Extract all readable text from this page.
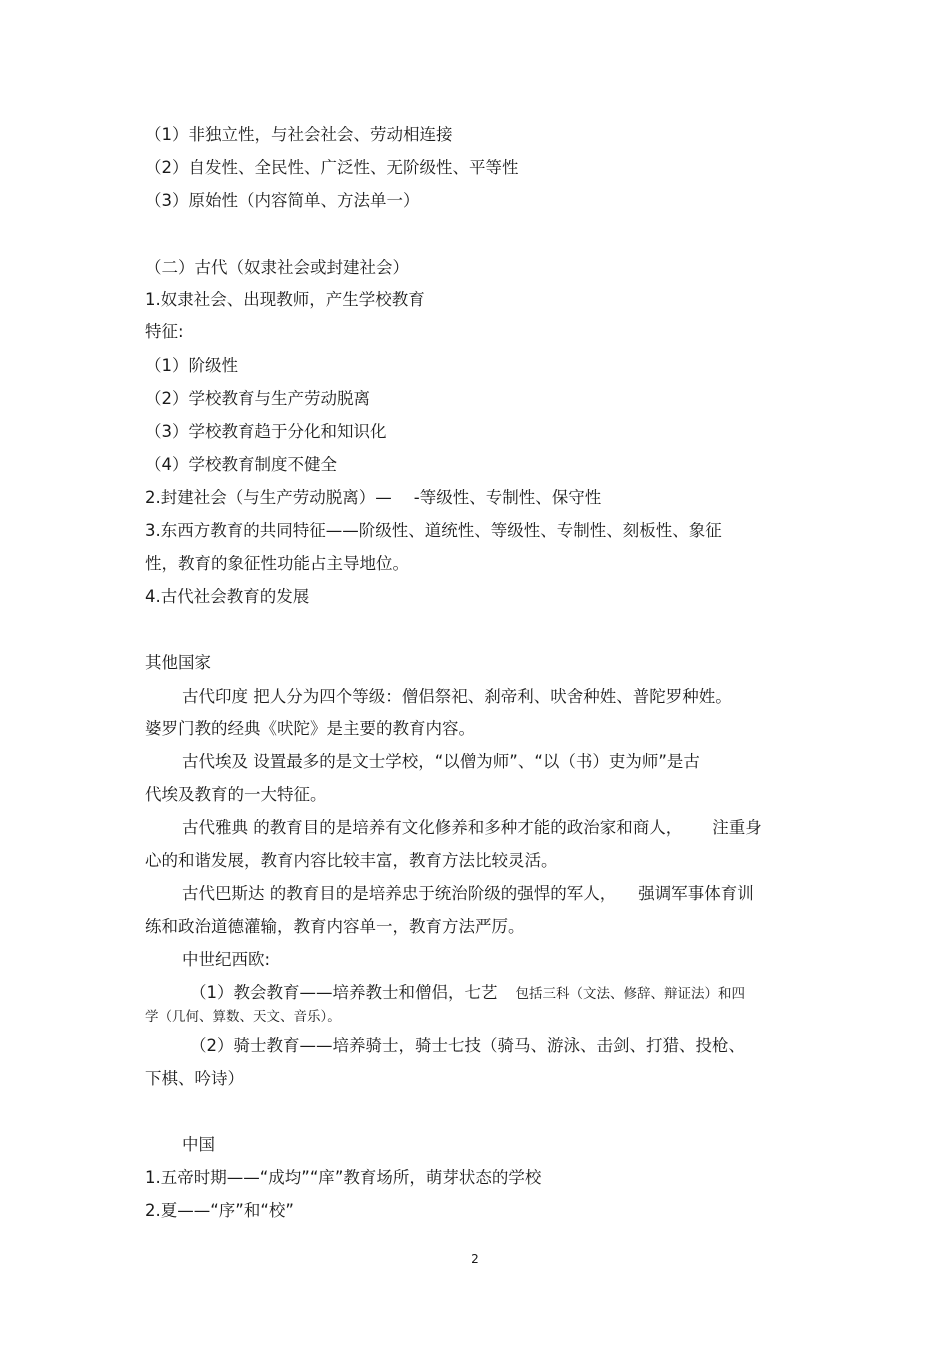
（1）非独立性，与社会社会、劳动相连接
（2）自发性、全民性、广泛性、无阶级性、平等性
（3）原始性（内容简单、方法单一）
（二）古代（奴隶社会或封建社会）
1.奴隶社会、出现教师，产生学校教育
特征:
（1）阶级性
（2）学校教育与生产劳动脱离
（3）学校教育趋于分化和知识化
（4）学校教育制度不健全
2.封建社会（与生产劳动脱离）— -等级性、专制性、保守性
3.东西方教育的共同特征——阶级性、道统性、等级性、专制性、刻板性、象征
性，教育的象征性功能占主导地位。
4.古代社会教育的发展
其他国家
古代印度 把人分为四个等级：僧侣祭祀、刹帝利、吠舍种姓、普陀罗种姓。
婆罗门教的经典《吠陀》是主要的教育内容。
古代埃及 设置最多的是文士学校，“以僧为师”、“以（书）吏为师”是古
代埃及教育的一大特征。
古代雅典 的教育目的是培养有文化修养和多种才能的政治家和商人， 注重身
心的和谐发展，教育内容比较丰富，教育方法比较灵活。
古代巴斯达 的教育目的是培养忠于统治阶级的强悍的军人， 强调军事体育训
练和政治道德灌输，教育内容单一，教育方法严厉。
中世纪西欧:
（1）教会教育——培养教士和僧侣，七艺 包括三科（文法、修辞、辩证法）和四
学（几何、算数、天文、音乐）。
（2）骑士教育——培养骑士，骑士七技（骑马、游泳、击剑、打猎、投枪、
下棋、吟诗）
中国
1.五帝时期——“成均”“庠”教育场所，萌芽状态的学校
2.夏——“序”和“校”
2
